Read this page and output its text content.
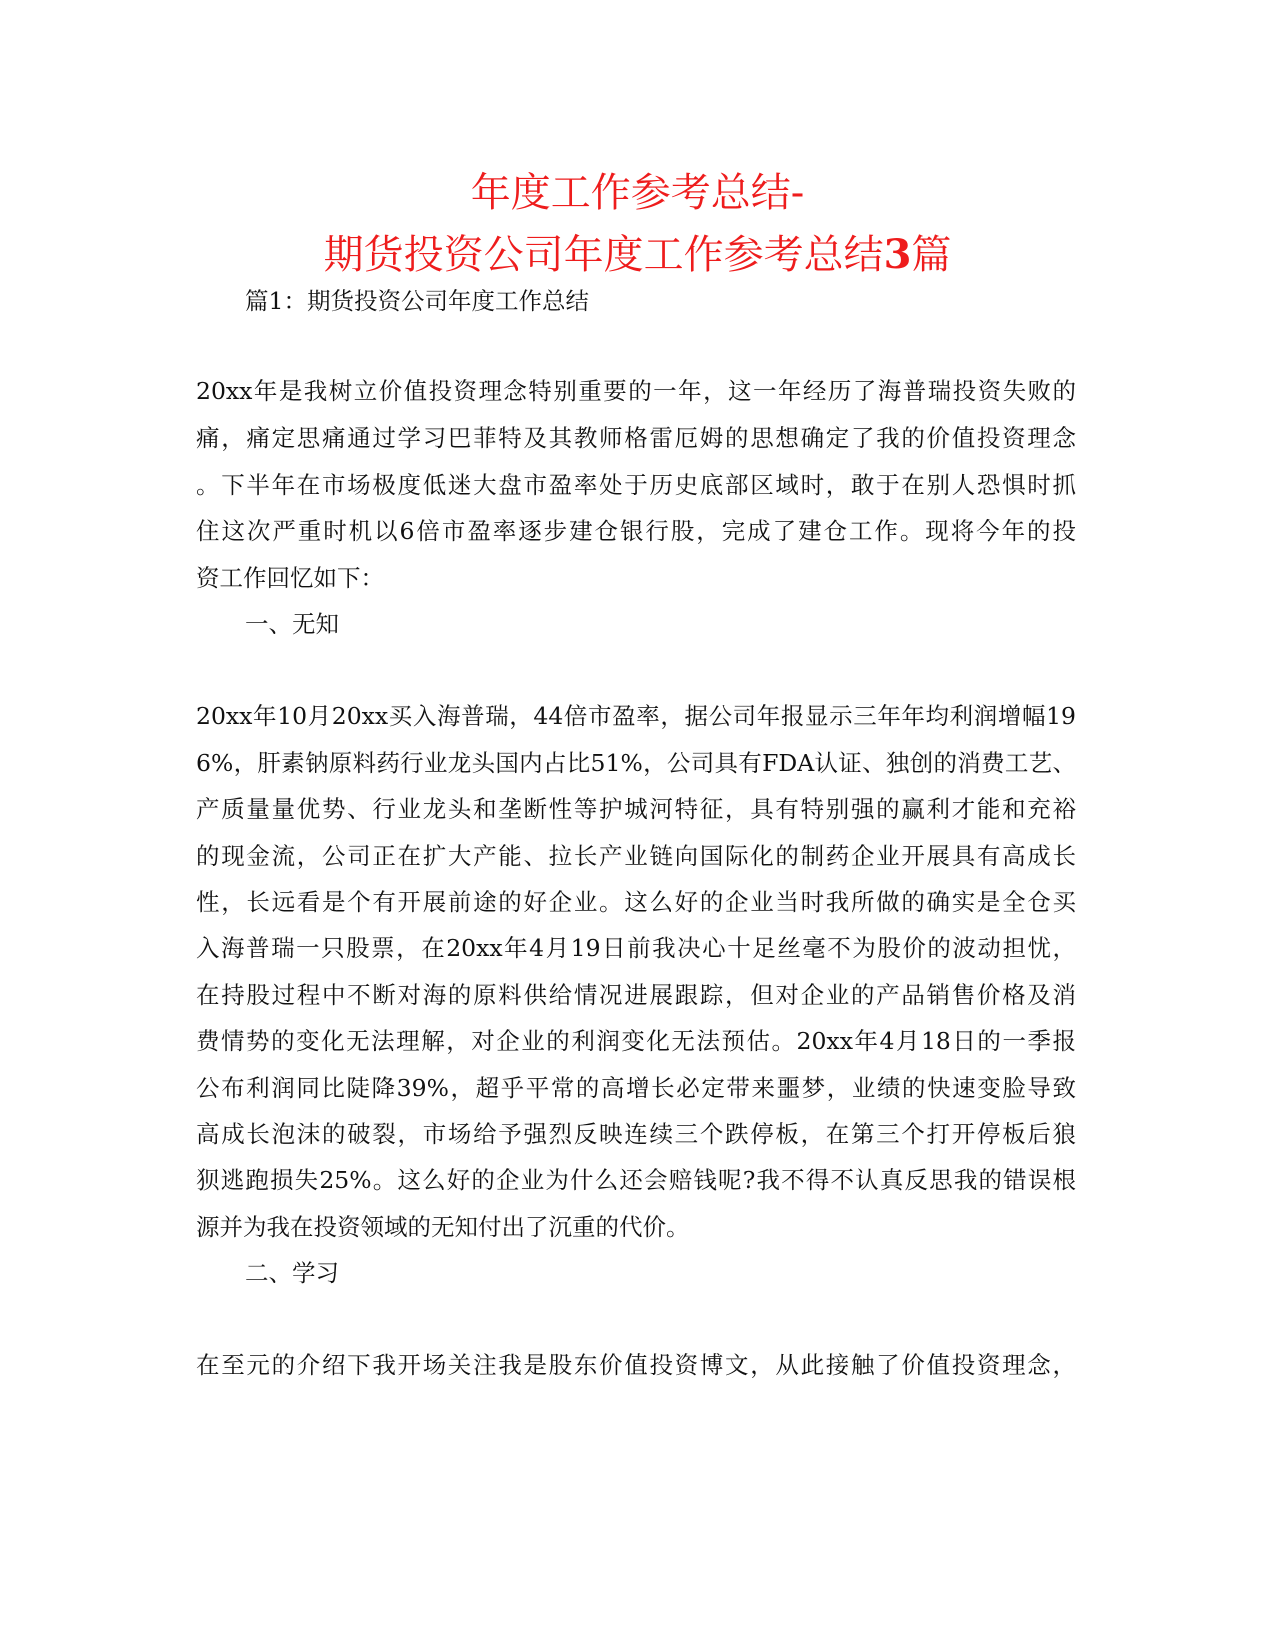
年度工作参考总结-
期货投资公司年度工作参考总结3篇
篇1：期货投资公司年度工作总结
20xx年是我树立价值投资理念特别重要的一年，这一年经历了海普瑞投资失败的
痛，痛定思痛通过学习巴菲特及其教师格雷厄姆的思想确定了我的价值投资理念
。下半年在市场极度低迷大盘市盈率处于历史底部区域时，敢于在别人恐惧时抓
住这次严重时机以6倍市盈率逐步建仓银行股，完成了建仓工作。现将今年的投
资工作回忆如下：
一、无知
20xx年10月20xx买入海普瑞，44倍市盈率，据公司年报显示三年年均利润增幅19
6%，肝素钠原料药行业龙头国内占比51%，公司具有FDA认证、独创的消费工艺、
产质量量优势、行业龙头和垄断性等护城河特征，具有特别强的赢利才能和充裕
的现金流，公司正在扩大产能、拉长产业链向国际化的制药企业开展具有高成长
性，长远看是个有开展前途的好企业。这么好的企业当时我所做的确实是全仓买
入海普瑞一只股票，在20xx年4月19日前我决心十足丝毫不为股价的波动担忧，
在持股过程中不断对海的原料供给情况进展跟踪，但对企业的产品销售价格及消
费情势的变化无法理解，对企业的利润变化无法预估。20xx年4月18日的一季报
公布利润同比陡降39%，超乎平常的高增长必定带来噩梦，业绩的快速变脸导致
高成长泡沫的破裂，市场给予强烈反映连续三个跌停板，在第三个打开停板后狼
狈逃跑损失25%。这么好的企业为什么还会赔钱呢?我不得不认真反思我的错误根
源并为我在投资领域的无知付出了沉重的代价。
二、学习
在至元的介绍下我开场关注我是股东价值投资博文，从此接触了价值投资理念，
